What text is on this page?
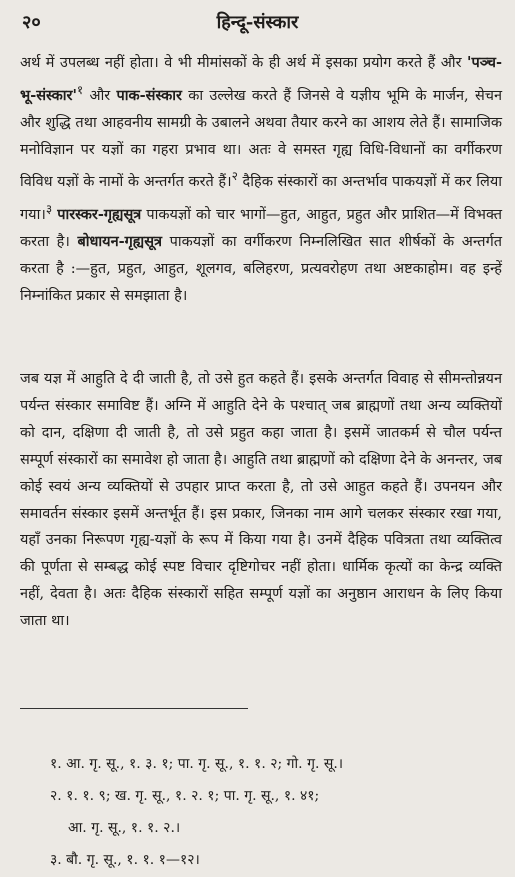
२०	हिन्दू-संस्कार

अर्थ में उपलब्ध नहीं होता। वे भी मीमांसकों के ही अर्थ में इसका प्रयोग करते हैं और '$पञ्च-भू-संस्कार'^१$ और पाक-संस्कार का उल्लेख करते हैं जिनसे वे यज्ञीय भूमि के मार्जन, सेचन और शुद्धि तथा आहवनीय सामग्री के उबालने अथवा तैयार करने का आशय लेते हैं। सामाजिक मनोविज्ञान पर यज्ञों का गहरा प्रभाव था। अतः वे समस्त गृह्य विधि-विधानों का वर्गीकरण विविध यज्ञों के नामों के अन्तर्गत करते हैं।$^२$ दैहिक संस्कारों का अन्तर्भाव पाकयज्ञों में कर लिया गया।$^३$ पारस्कर-गृह्यसूत्र पाकयज्ञों को चार भागों—हुत, आहुत, प्रहुत और प्राशित—में विभक्त करता है। बोधायन-गृह्यसूत्र पाकयज्ञों का वर्गीकरण निम्नलिखित सात शीर्षकों के अन्तर्गत करता है :—हुत, प्रहुत, आहुत, शूलगव, बलिहरण, प्रत्यवरोहण तथा अष्टकाहोम। वह इन्हें निम्नांकित प्रकार से समझाता है।

जब यज्ञ में आहुति दे दी जाती है, तो उसे हुत कहते हैं। इसके अन्तर्गत विवाह से सीमन्तोन्नयन पर्यन्त संस्कार समाविष्ट हैं। अग्नि में आहुति देने के पश्चात् जब ब्राह्मणों तथा अन्य व्यक्तियों को दान, दक्षिणा दी जाती है, तो उसे प्रहुत कहा जाता है। इसमें जातकर्म से चौल पर्यन्त सम्पूर्ण संस्कारों का समावेश हो जाता है। आहुति तथा ब्राह्मणों को दक्षिणा देने के अनन्तर, जब कोई स्वयं अन्य व्यक्तियों से उपहार प्राप्त करता है, तो उसे आहुत कहते हैं। उपनयन और समावर्तन संस्कार इसमें अन्तर्भूत हैं। इस प्रकार, जिनका नाम आगे चलकर संस्कार रखा गया, यहाँ उनका निरूपण गृह्य-यज्ञों के रूप में किया गया है। उनमें दैहिक पवित्रता तथा व्यक्तित्व की पूर्णता से सम्बद्ध कोई स्पष्ट विचार दृष्टिगोचर नहीं होता। धार्मिक कृत्यों का केन्द्र व्यक्ति नहीं, देवता है। अतः दैहिक संस्कारों सहित सम्पूर्ण यज्ञों का अनुष्ठान आराधन के लिए किया जाता था।

१. आ. गृ. सू., १. ३. १; पा. गृ. सू., १. १. २; गो. गृ. सू.।
२. १. १. ९; ख. गृ. सू., १. २. १; पा. गृ. सू., १. ४१;
आ. गृ. सू., १. १. २.।
३. बौ. गृ. सू., १. १. १—१२।
